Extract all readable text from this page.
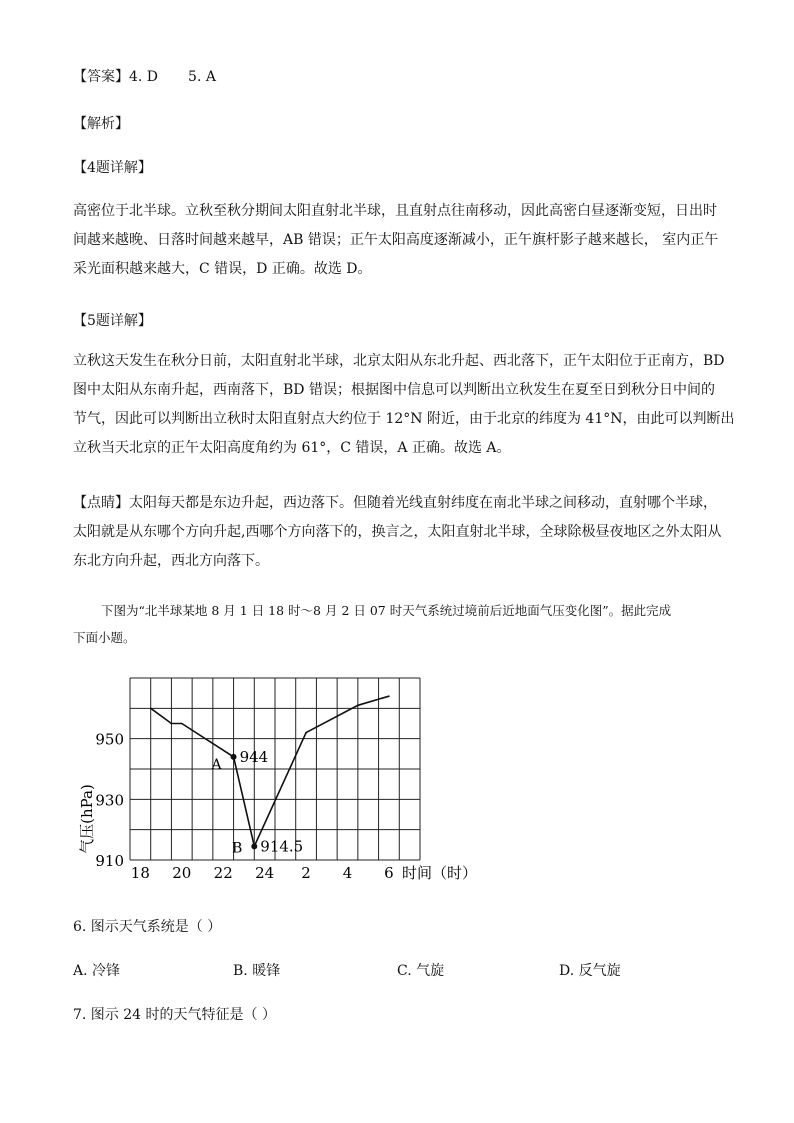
【答案】4. D 5. A
【解析】
【4题详解】
高密位于北半球。立秋至秋分期间太阳直射北半球，且直射点往南移动，因此高密白昼逐渐变短，日出时
间越来越晚、日落时间越来越早，AB 错误；正午太阳高度逐渐减小，正午旗杆影子越来越长， 室内正午
采光面积越来越大，C 错误，D 正确。故选 D。
【5题详解】
立秋这天发生在秋分日前，太阳直射北半球，北京太阳从东北升起、西北落下，正午太阳位于正南方，BD
图中太阳从东南升起，西南落下，BD 错误；根据图中信息可以判断出立秋发生在夏至日到秋分日中间的
节气，因此可以判断出立秋时太阳直射点大约位于 12°N 附近，由于北京的纬度为 41°N，由此可以判断出
立秋当天北京的正午太阳高度角约为 61°，C 错误，A 正确。故选 A。
【点睛】太阳每天都是东边升起，西边落下。但随着光线直射纬度在南北半球之间移动，直射哪个半球，
太阳就是从东哪个方向升起,西哪个方向落下的，换言之，太阳直射北半球，全球除极昼夜地区之外太阳从
东北方向升起，西北方向落下。
下图为“北半球某地 8 月 1 日 18 时～8 月 2 日 07 时天气系统过境前后近地面气压变化图”。据此完成
下面小题。
950
930
910
18 20 22 24 2 4 6 时间（时）
气压(hPa)
A 944
B 914.5
6. 图示天气系统是（ ）
A. 冷锋	B. 暖锋	C. 气旋	D. 反气旋
7. 图示 24 时的天气特征是（ ）
